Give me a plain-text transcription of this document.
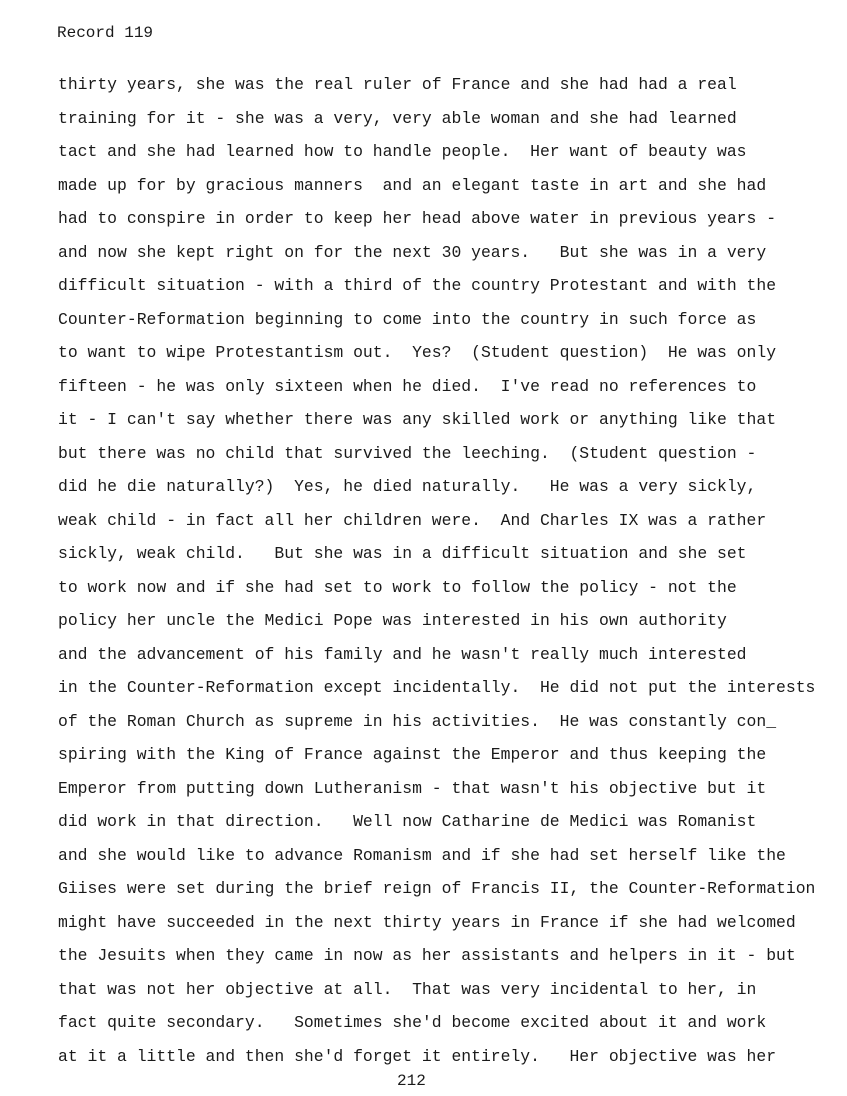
Record 119
thirty years, she was the real ruler of France and she had had a real
training for it - she was a very, very able woman and she had learned
tact and she had learned how to handle people.  Her want of beauty was
made up for by gracious manners  and an elegant taste in art and she had
had to conspire in order to keep her head above water in previous years -
and now she kept right on for the next 30 years.   But she was in a very
difficult situation - with a third of the country Protestant and with the
Counter-Reformation beginning to come into the country in such force as
to want to wipe Protestantism out.  Yes?  (Student question)  He was only
fifteen - he was only sixteen when he died.  I've read no references to
it - I can't say whether there was any skilled work or anything like that
but there was no child that survived the leeching.  (Student question -
did he die naturally?)  Yes, he died naturally.   He was a very sickly,
weak child - in fact all her children were.  And Charles IX was a rather
sickly, weak child.   But she was in a difficult situation and she set
to work now and if she had set to work to follow the policy - not the
policy her uncle the Medici Pope was interested in his own authority
and the advancement of his family and he wasn't really much interested
in the Counter-Reformation except incidentally.  He did not put the interests
of the Roman Church as supreme in his activities.  He was constantly con_
spiring with the King of France against the Emperor and thus keeping the
Emperor from putting down Lutheranism - that wasn't his objective but it
did work in that direction.   Well now Catharine de Medici was Romanist
and she would like to advance Romanism and if she had set herself like the
Giises were set during the brief reign of Francis II, the Counter-Reformation
might have succeeded in the next thirty years in France if she had welcomed
the Jesuits when they came in now as her assistants and helpers in it - but
that was not her objective at all.  That was very incidental to her, in
fact quite secondary.   Sometimes she'd become excited about it and work
at it a little and then she'd forget it entirely.   Her objective was her
212
